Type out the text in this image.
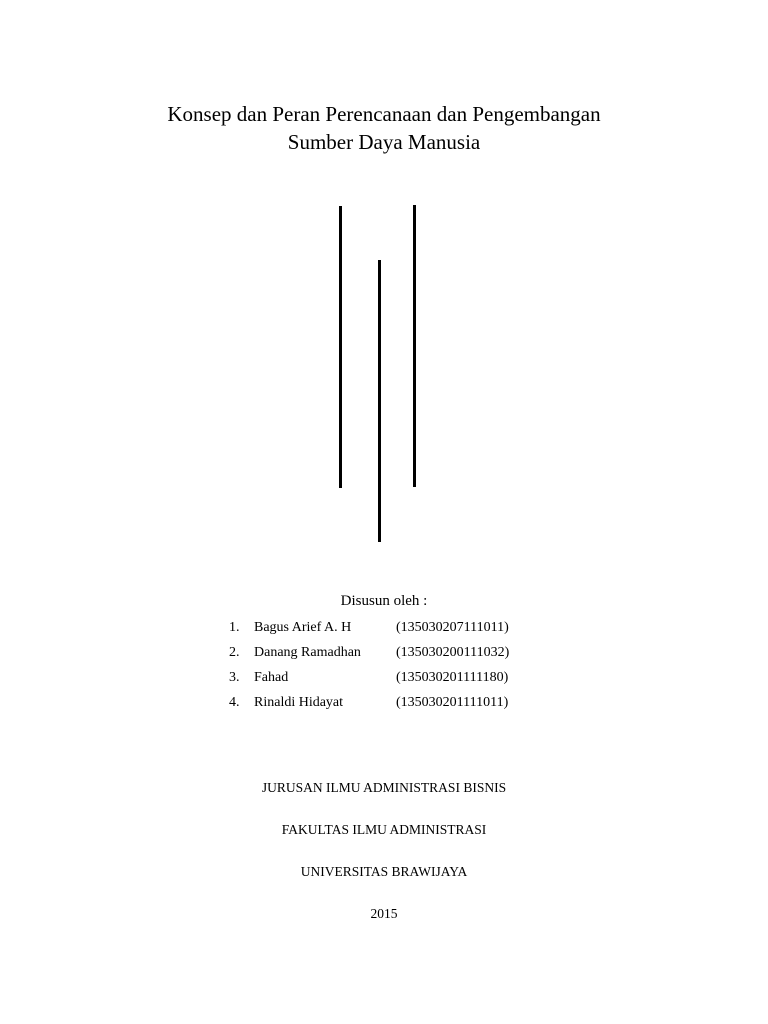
Konsep dan Peran Perencanaan dan Pengembangan
Sumber Daya Manusia
Disusun oleh :
1. Bagus Arief A. H	(135030207111011)
2. Danang Ramadhan	(135030200111032)
3. Fahad	(135030201111180)
4. Rinaldi Hidayat	(135030201111011)
JURUSAN ILMU ADMINISTRASI BISNIS
FAKULTAS ILMU ADMINISTRASI
UNIVERSITAS BRAWIJAYA
2015
